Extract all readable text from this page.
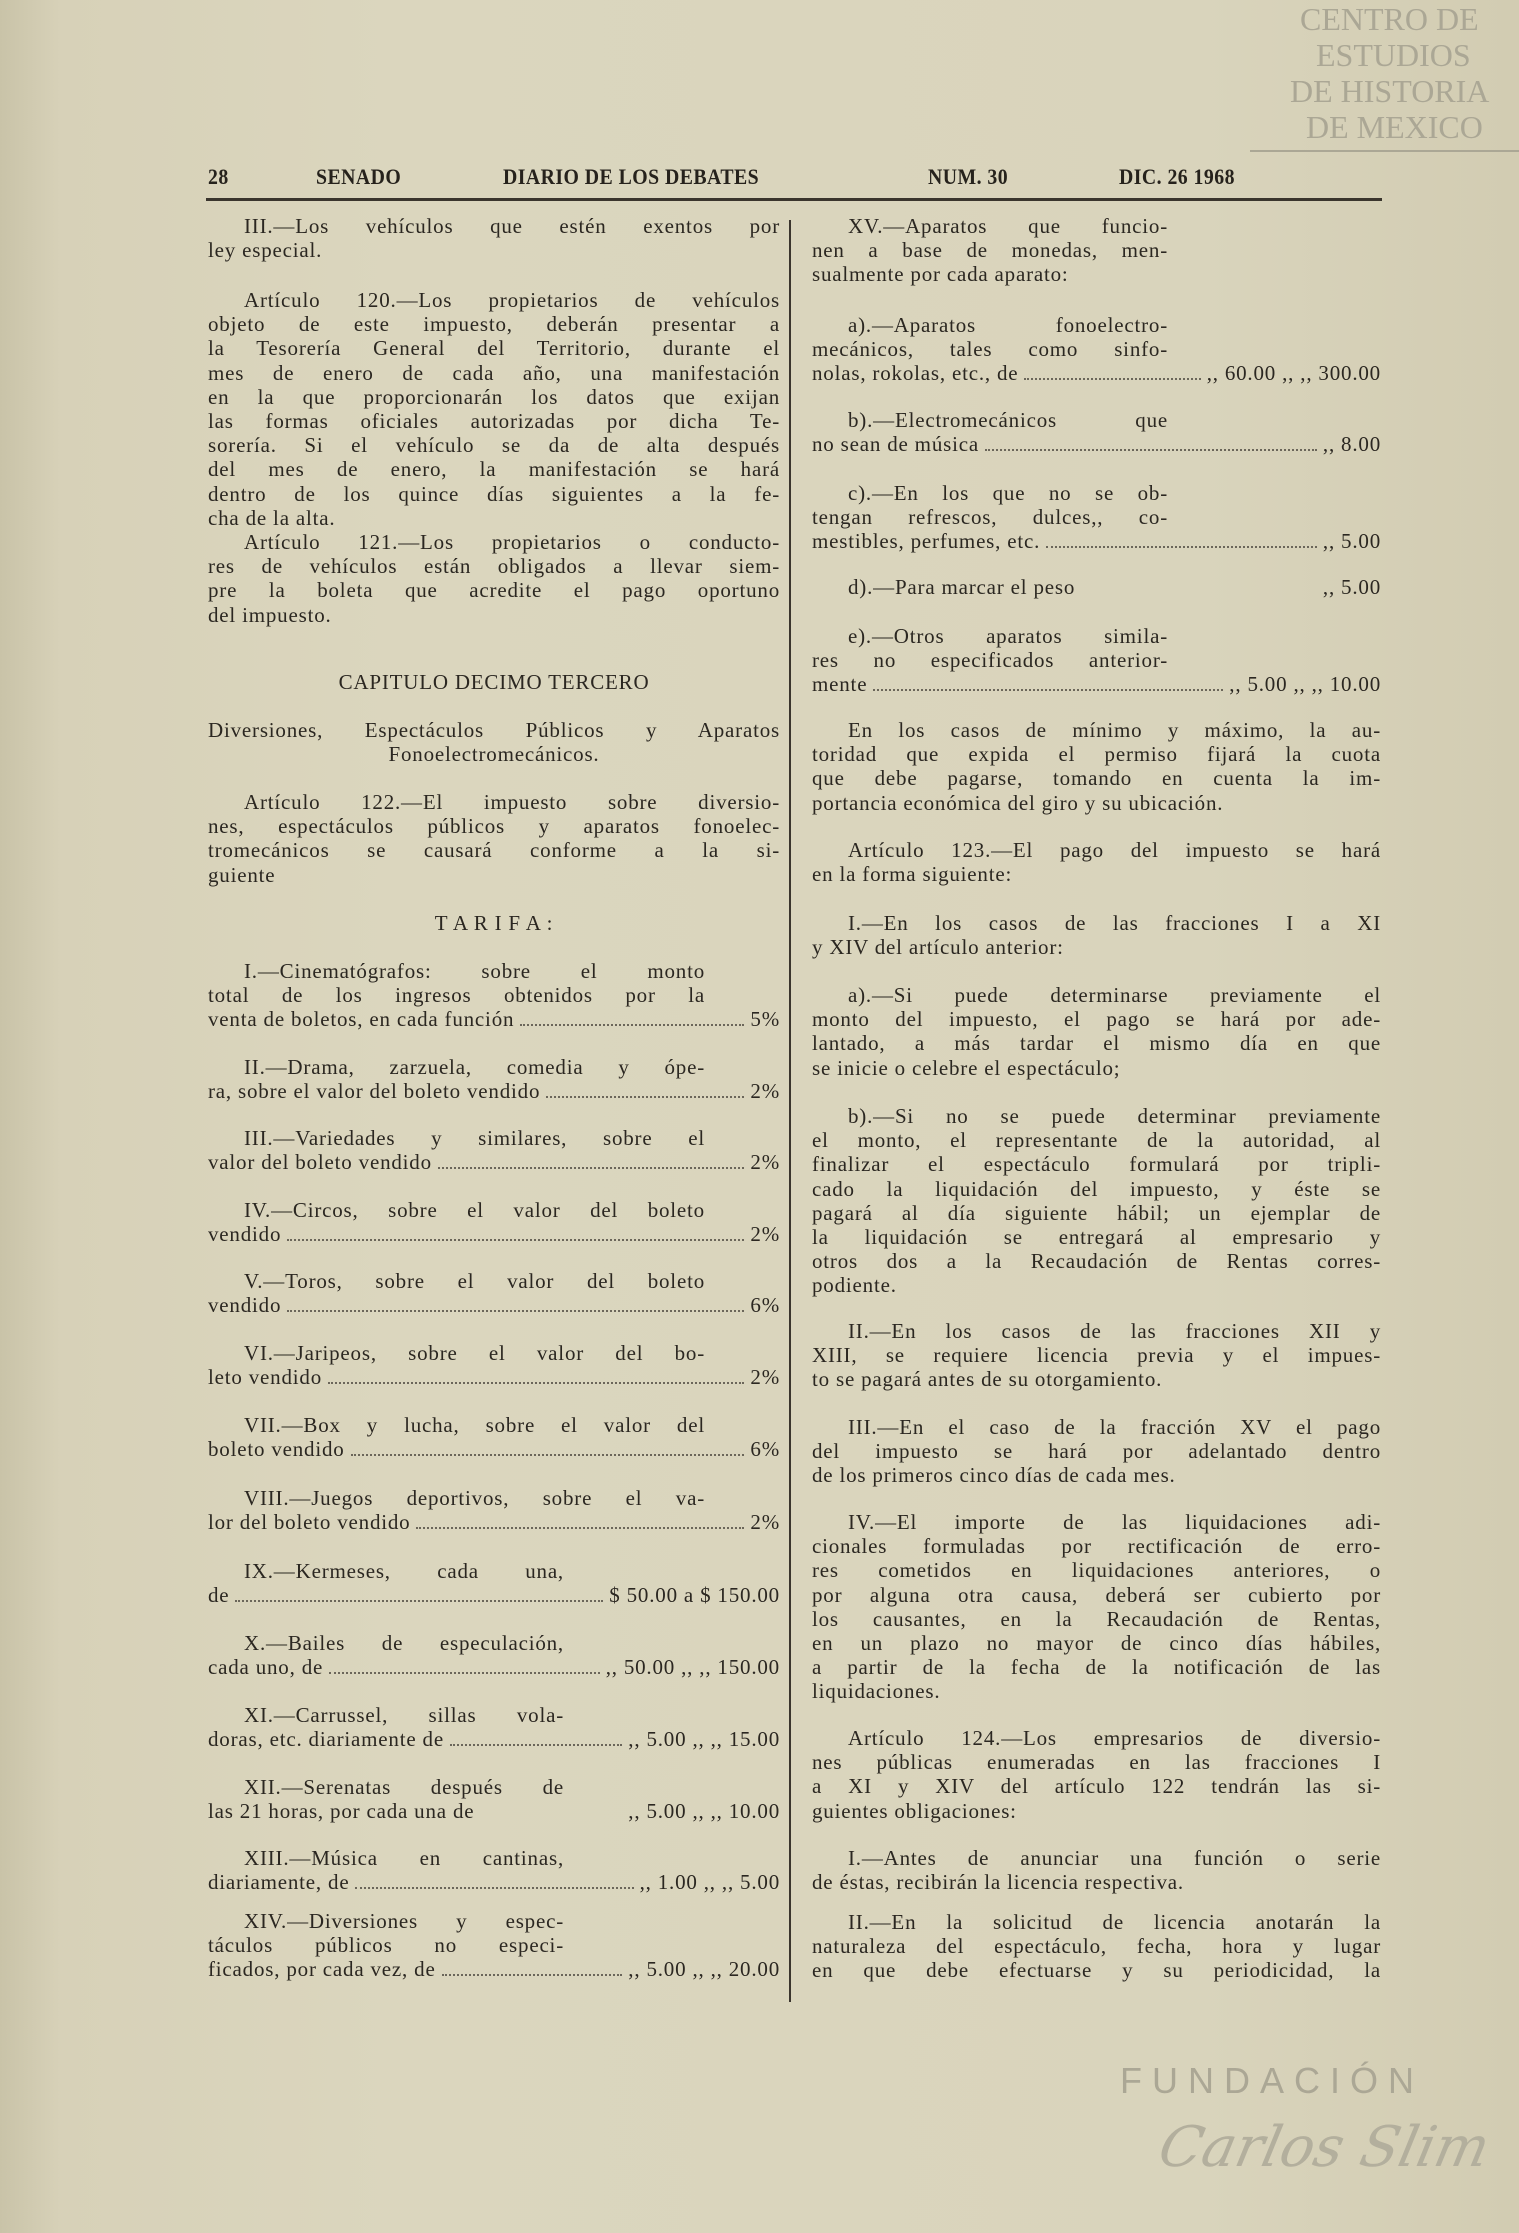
CENTRO DE
ESTUDIOS
DE HISTORIA
DE MEXICO
FUNDACIÓN
Carlos Slim
28	SENADO	DIARIO DE LOS DEBATES	NUM. 30	DIC. 26 1968
III.—Los vehículos que estén exentos por
ley especial.
Artículo 120.—Los propietarios de vehículos
objeto de este impuesto, deberán presentar a
la Tesorería General del Territorio, durante el
mes de enero de cada año, una manifestación
en la que proporcionarán los datos que exijan
las formas oficiales autorizadas por dicha Te-
sorería. Si el vehículo se da de alta después
del mes de enero, la manifestación se hará
dentro de los quince días siguientes a la fe-
cha de la alta.
Artículo 121.—Los propietarios o conducto-
res de vehículos están obligados a llevar siem-
pre la boleta que acredite el pago oportuno
del impuesto.
CAPITULO DECIMO TERCERO
Diversiones, Espectáculos Públicos y Aparatos
Fonoelectromecánicos.
Artículo 122.—El impuesto sobre diversio-
nes, espectáculos públicos y aparatos fonoelec-
tromecánicos se causará conforme a la si-
guiente
T A R I F A :
I.—Cinematógrafos: sobre el monto
total de los ingresos obtenidos por la
venta de boletos, en cada función	5%
II.—Drama, zarzuela, comedia y ópe-
ra, sobre el valor del boleto vendido	2%
III.—Variedades y similares, sobre el
valor del boleto vendido	2%
IV.—Circos, sobre el valor del boleto
vendido	2%
V.—Toros, sobre el valor del boleto
vendido	6%
VI.—Jaripeos, sobre el valor del bo-
leto vendido	2%
VII.—Box y lucha, sobre el valor del
boleto vendido	6%
VIII.—Juegos deportivos, sobre el va-
lor del boleto vendido	2%
IX.—Kermeses, cada una,
de	$ 50.00 a $ 150.00
X.—Bailes de especulación,
cada uno, de	,, 50.00 ,, ,, 150.00
XI.—Carrussel, sillas vola-
doras, etc. diariamente de	,, 5.00 ,, ,, 15.00
XII.—Serenatas después de
las 21 horas, por cada una de	,, 5.00 ,, ,, 10.00
XIII.—Música en cantinas,
diariamente, de	,, 1.00 ,, ,, 5.00
XIV.—Diversiones y espec-
táculos públicos no especi-
ficados, por cada vez, de	,, 5.00 ,, ,, 20.00
XV.—Aparatos que funcio-
nen a base de monedas, men-
sualmente por cada aparato:
a).—Aparatos fonoelectro-
mecánicos, tales como sinfo-
nolas, rokolas, etc., de	,, 60.00 ,, ,, 300.00
b).—Electromecánicos que
no sean de música	,, 8.00
c).—En los que no se ob-
tengan refrescos, dulces,, co-
mestibles, perfumes, etc.	,, 5.00
d).—Para marcar el peso	,, 5.00
e).—Otros aparatos simila-
res no especificados anterior-
mente	,, 5.00 ,, ,, 10.00
En los casos de mínimo y máximo, la au-
toridad que expida el permiso fijará la cuota
que debe pagarse, tomando en cuenta la im-
portancia económica del giro y su ubicación.
Artículo 123.—El pago del impuesto se hará
en la forma siguiente:
I.—En los casos de las fracciones I a XI
y XIV del artículo anterior:
a).—Si puede determinarse previamente el
monto del impuesto, el pago se hará por ade-
lantado, a más tardar el mismo día en que
se inicie o celebre el espectáculo;
b).—Si no se puede determinar previamente
el monto, el representante de la autoridad, al
finalizar el espectáculo formulará por tripli-
cado la liquidación del impuesto, y éste se
pagará al día siguiente hábil; un ejemplar de
la liquidación se entregará al empresario y
otros dos a la Recaudación de Rentas corres-
podiente.
II.—En los casos de las fracciones XII y
XIII, se requiere licencia previa y el impues-
to se pagará antes de su otorgamiento.
III.—En el caso de la fracción XV el pago
del impuesto se hará por adelantado dentro
de los primeros cinco días de cada mes.
IV.—El importe de las liquidaciones adi-
cionales formuladas por rectificación de erro-
res cometidos en liquidaciones anteriores, o
por alguna otra causa, deberá ser cubierto por
los causantes, en la Recaudación de Rentas,
en un plazo no mayor de cinco días hábiles,
a partir de la fecha de la notificación de las
liquidaciones.
Artículo 124.—Los empresarios de diversio-
nes públicas enumeradas en las fracciones I
a XI y XIV del artículo 122 tendrán las si-
guientes obligaciones:
I.—Antes de anunciar una función o serie
de éstas, recibirán la licencia respectiva.
II.—En la solicitud de licencia anotarán la
naturaleza del espectáculo, fecha, hora y lugar
en que debe efectuarse y su periodicidad, la
